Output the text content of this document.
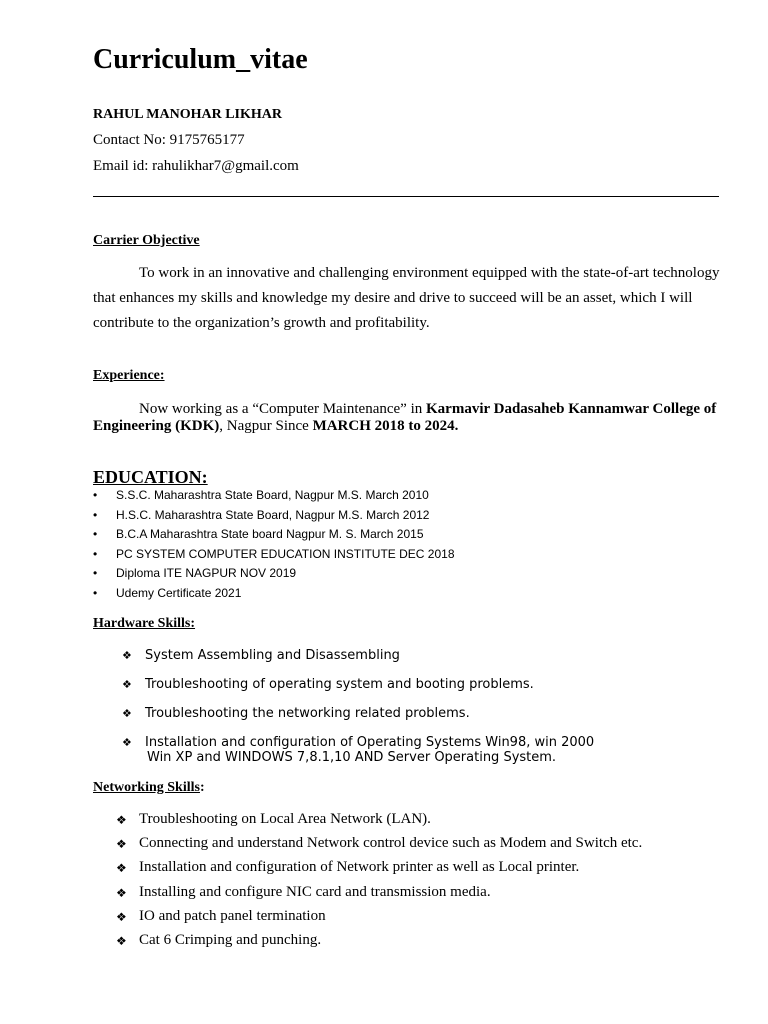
Curriculum_vitae
RAHUL MANOHAR LIKHAR
Contact No: 9175765177
Email id: rahulikhar7@gmail.com
Carrier Objective
To work in an innovative and challenging environment equipped with the state-of-art technology that enhances my skills and knowledge my desire and drive to succeed will be an asset, which I will contribute to the organization’s growth and profitability.
Experience:
Now working as a “Computer Maintenance” in Karmavir Dadasaheb Kannamwar College of Engineering (KDK), Nagpur Since MARCH 2018 to 2024.
EDUCATION:
• S.S.C. Maharashtra State Board, Nagpur M.S. March 2010
• H.S.C. Maharashtra State Board, Nagpur M.S. March 2012
• B.C.A Maharashtra State board Nagpur M. S. March 2015
• PC SYSTEM COMPUTER EDUCATION INSTITUTE DEC 2018
• Diploma ITE NAGPUR NOV 2019
• Udemy Certificate 2021
Hardware Skills:
❖ System Assembling and Disassembling
❖ Troubleshooting of operating system and booting problems.
❖ Troubleshooting the networking related problems.
❖ Installation and configuration of Operating Systems Win98, win 2000
Win XP and WINDOWS 7,8.1,10 AND Server Operating System.
Networking Skills:
❖ Troubleshooting on Local Area Network (LAN).
❖ Connecting and understand Network control device such as Modem and Switch etc.
❖ Installation and configuration of Network printer as well as Local printer.
❖ Installing and configure NIC card and transmission media.
❖ IO and patch panel termination
❖ Cat 6 Crimping and punching.
